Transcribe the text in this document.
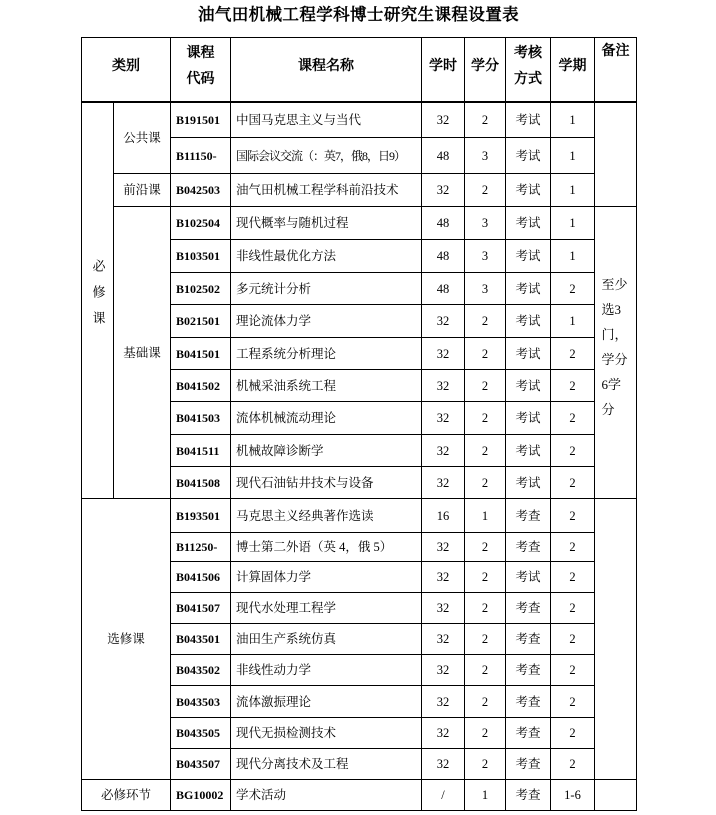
油气田机械工程学科博士研究生课程设置表
类别		课程代码	课程名称	学时	学分	考核方式	学期	备注
必修课	公共课	B191501	中国马克思主义与当代	32	2	考试	1	
		B11150-	国际会议交流（：英7，俄8，日9）	48	3	考试	1	
	前沿课	B042503	油气田机械工程学科前沿技术	32	2	考试	1	
	基础课	B102504	现代概率与随机过程	48	3	考试	1	至少选3门，学分6学分
		B103501	非线性最优化方法	48	3	考试	1	
		B102502	多元统计分析	48	3	考试	2	
		B021501	理论流体力学	32	2	考试	1	
		B041501	工程系统分析理论	32	2	考试	2	
		B041502	机械采油系统工程	32	2	考试	2	
		B041503	流体机械流动理论	32	2	考试	2	
		B041511	机械故障诊断学	32	2	考试	2	
		B041508	现代石油钻井技术与设备	32	2	考试	2	
选修课		B193501	马克思主义经典著作选读	16	1	考查	2	
		B11250-	博士第二外语（英 4，俄 5）	32	2	考查	2	
		B041506	计算固体力学	32	2	考试	2	
		B041507	现代水处理工程学	32	2	考查	2	
		B043501	油田生产系统仿真	32	2	考查	2	
		B043502	非线性动力学	32	2	考查	2	
		B043503	流体激振理论	32	2	考查	2	
		B043505	现代无损检测技术	32	2	考查	2	
		B043507	现代分离技术及工程	32	2	考查	2	
必修环节		BG10002	学术活动	/	1	考查	1-6	
